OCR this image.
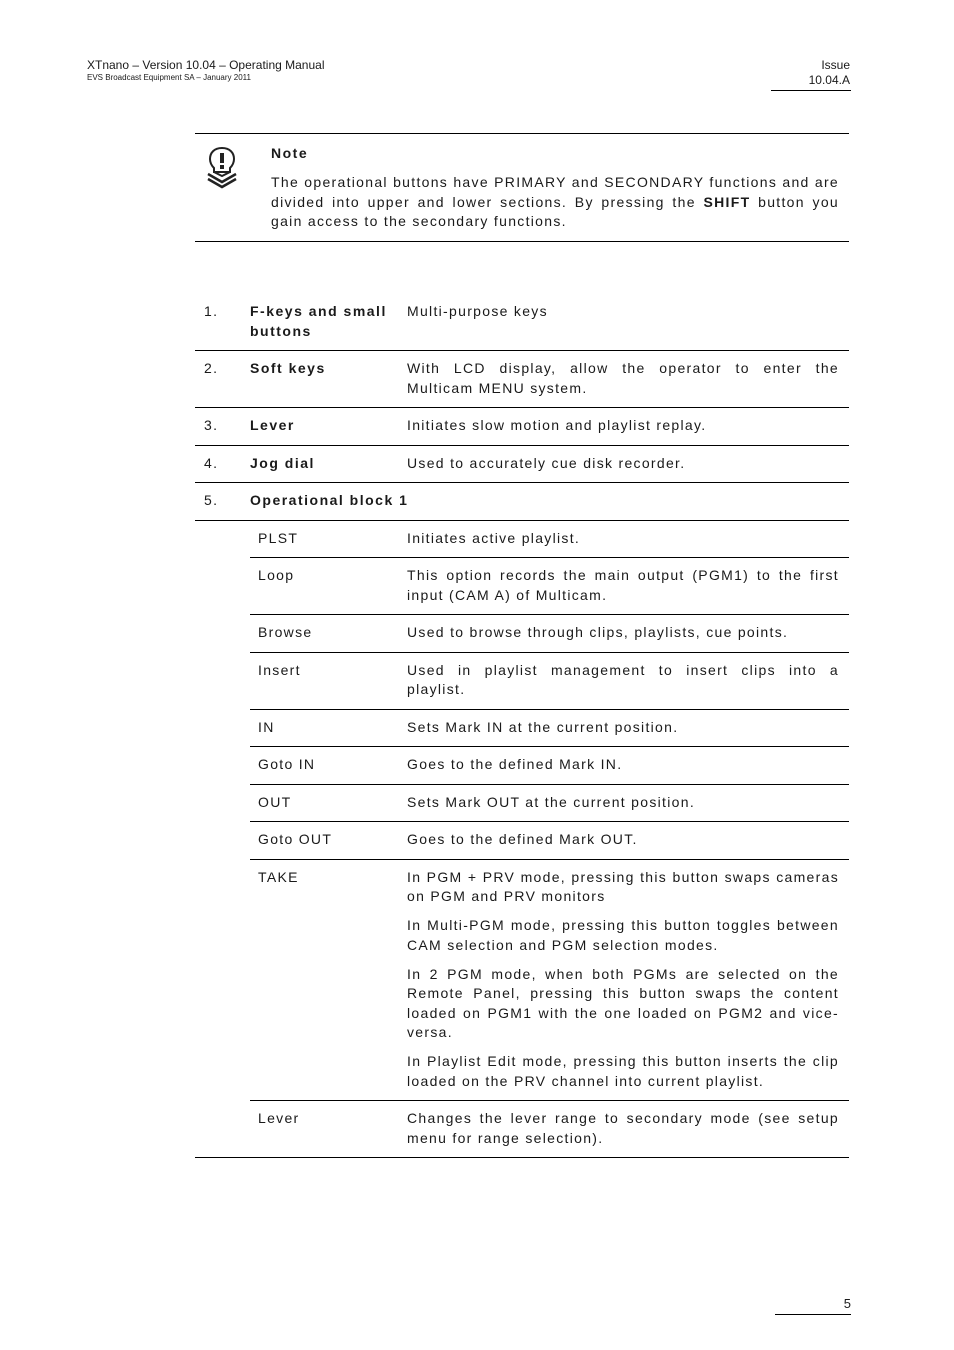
XTnano – Version 10.04 – Operating Manual
EVS Broadcast Equipment SA – January 2011
Issue
10.04.A
Note
The operational buttons have PRIMARY and SECONDARY functions and are divided into upper and lower sections. By pressing the SHIFT button you gain access to the secondary functions.
1.	F-keys and small buttons	Multi-purpose keys
2.	Soft keys	With LCD display, allow the operator to enter the Multicam MENU system.
3.	Lever	Initiates slow motion and playlist replay.
4.	Jog dial	Used to accurately cue disk recorder.
5.	Operational block 1	
	PLST	Initiates active playlist.
	Loop	This option records the main output (PGM1) to the first input (CAM A) of Multicam.
	Browse	Used to browse through clips, playlists, cue points.
	Insert	Used in playlist management to insert clips into a playlist.
	IN	Sets Mark IN at the current position.
	Goto IN	Goes to the defined Mark IN.
	OUT	Sets Mark OUT at the current position.
	Goto OUT	Goes to the defined Mark OUT.
	TAKE	In PGM + PRV mode, pressing this button swaps cameras on PGM and PRV monitors
In Multi-PGM mode, pressing this button toggles between CAM selection and PGM selection modes.
In 2 PGM mode, when both PGMs are selected on the Remote Panel, pressing this button swaps the content loaded on PGM1 with the one loaded on PGM2 and vice-versa.
In Playlist Edit mode, pressing this button inserts the clip loaded on the PRV channel into current playlist.

	Lever	Changes the lever range to secondary mode (see setup menu for range selection).
5
